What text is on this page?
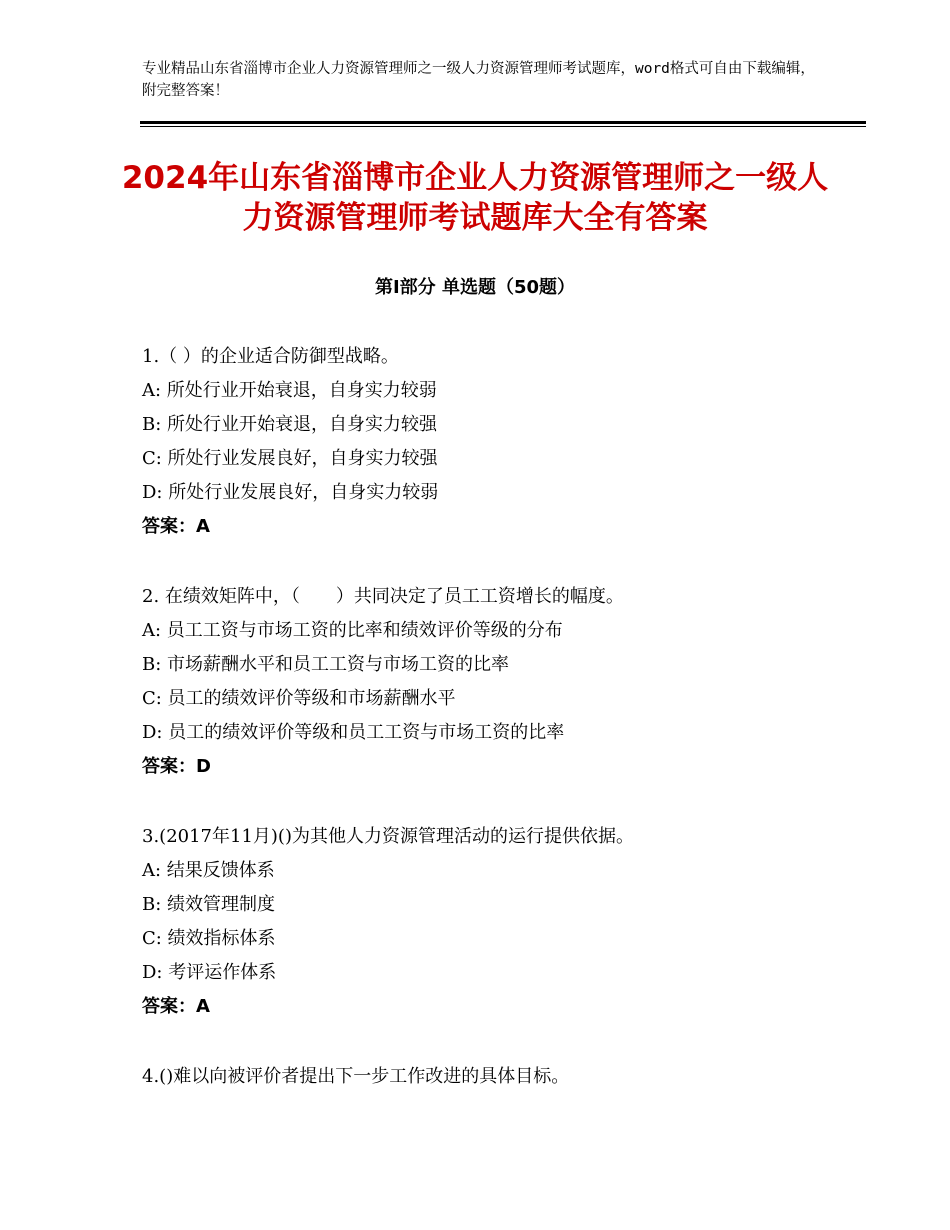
专业精品山东省淄博市企业人力资源管理师之一级人力资源管理师考试题库，word格式可自由下载编辑，附完整答案！
2024年山东省淄博市企业人力资源管理师之一级人力资源管理师考试题库大全有答案
第Ⅰ部分 单选题（50题）
1.（ ）的企业适合防御型战略。
A: 所处行业开始衰退，自身实力较弱
B: 所处行业开始衰退，自身实力较强
C: 所处行业发展良好，自身实力较强
D: 所处行业发展良好，自身实力较弱
答案：A
2. 在绩效矩阵中，（　　）共同决定了员工工资增长的幅度。
A: 员工工资与市场工资的比率和绩效评价等级的分布
B: 市场薪酬水平和员工工资与市场工资的比率
C: 员工的绩效评价等级和市场薪酬水平
D: 员工的绩效评价等级和员工工资与市场工资的比率
答案：D
3.(2017年11月)()为其他人力资源管理活动的运行提供依据。
A: 结果反馈体系
B: 绩效管理制度
C: 绩效指标体系
D: 考评运作体系
答案：A
4.()难以向被评价者提出下一步工作改进的具体目标。
